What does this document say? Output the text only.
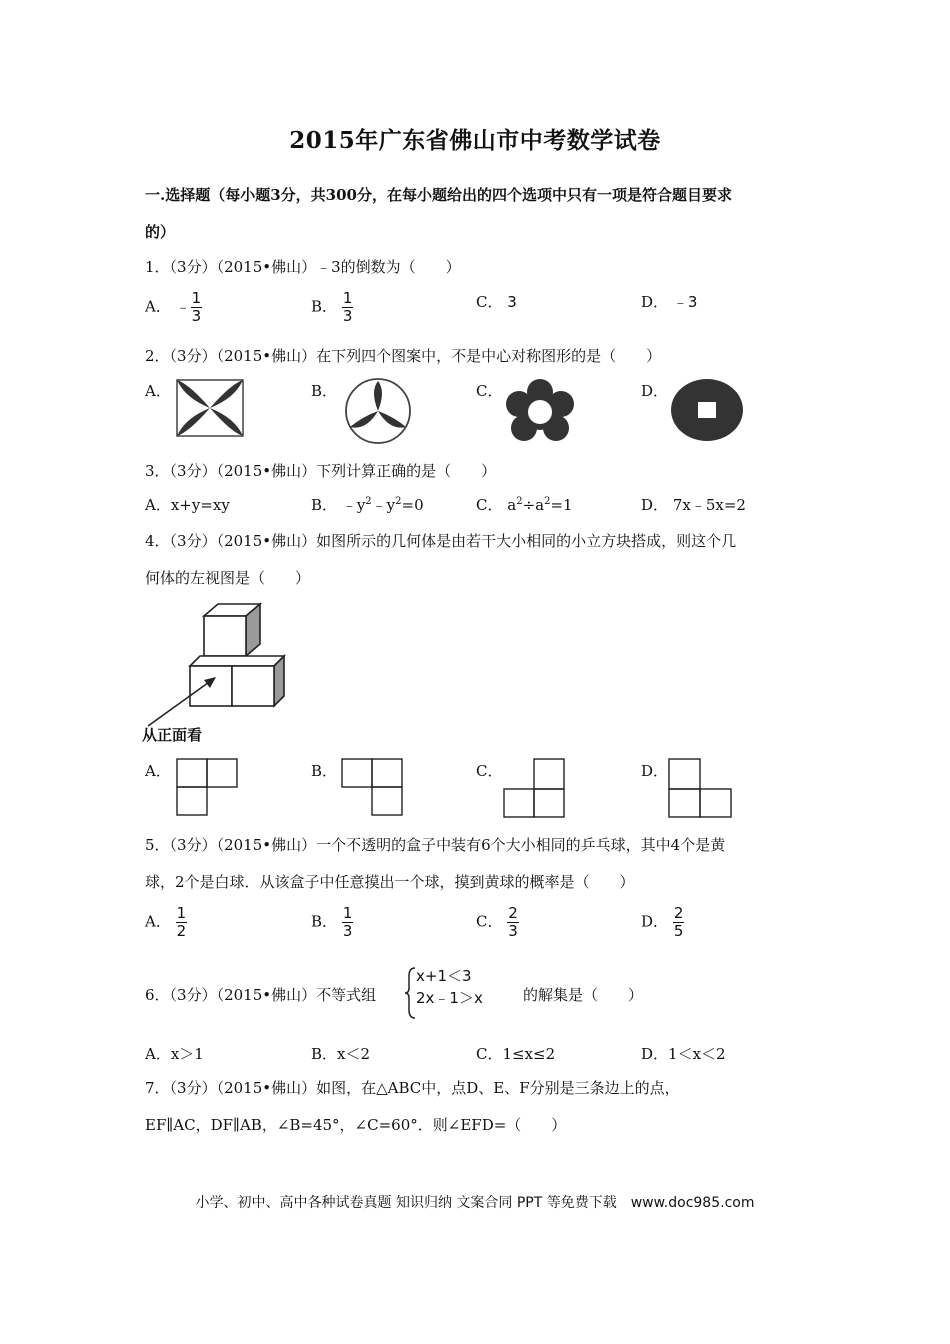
2015年广东省佛山市中考数学试卷
一.选择题（每小题3分，共300分，在每小题给出的四个选项中只有一项是符合题目要求
的）
1．（3分）（2015•佛山）﹣3的倒数为（　　）
A． ﹣ $\frac{1}{3}$	B． $\frac{1}{3}$	C． 3	D． ﹣3
2．（3分）（2015•佛山）在下列四个图案中，不是中心对称图形的是（　　）
A．	B．	C．	D．
3．（3分）（2015•佛山）下列计算正确的是（　　）
A．x+y=xy	B． $﹣y^2﹣y^2=0$	C． $a^2\div a^2=1$	D． 7x﹣5x=2
4．（3分）（2015•佛山）如图所示的几何体是由若干大小相同的小立方块搭成，则这个几
何体的左视图是（　　）
从正面看
A．	B．	C．	D．
5．（3分）（2015•佛山）一个不透明的盒子中装有6个大小相同的乒乓球，其中4个是黄
球，2个是白球．从该盒子中任意摸出一个球，摸到黄球的概率是（　　）
A． $\frac{1}{2}$	B． $\frac{1}{3}$	C． $\frac{2}{3}$	D． $\frac{2}{5}$
6．（3分）（2015•佛山）不等式组
x+1＜3
2x﹣1＞x	的解集是（　　）
A．x＞1	B．x＜2	C．1≤x≤2	D．1＜x＜2
7．（3分）（2015•佛山）如图，在△ABC中，点D、E、F分别是三条边上的点，
EF∥AC，DF∥AB，∠B=45°，∠C=60°．则∠EFD=（　　）
小学、初中、高中各种试卷真题 知识归纳 文案合同 PPT 等免费下载　www.doc985.com
